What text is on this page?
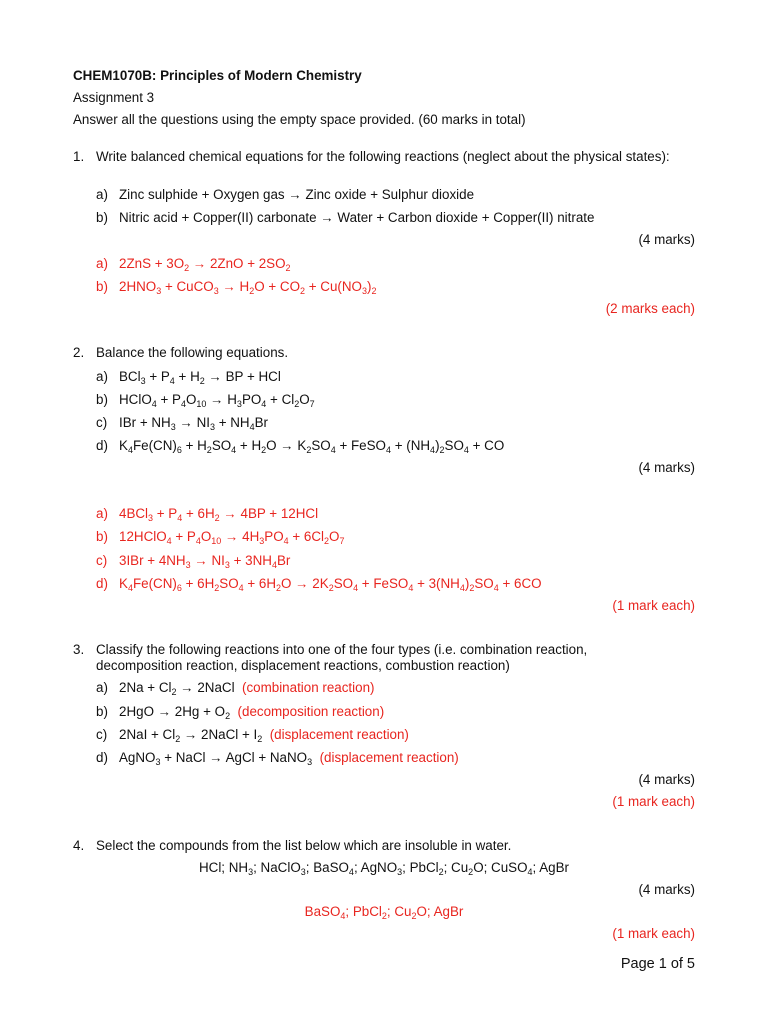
CHEM1070B: Principles of Modern Chemistry
Assignment 3
Answer all the questions using the empty space provided. (60 marks in total)
1. Write balanced chemical equations for the following reactions (neglect about the physical states):
a) Zinc sulphide + Oxygen gas → Zinc oxide + Sulphur dioxide
b) Nitric acid + Copper(II) carbonate → Water + Carbon dioxide + Copper(II) nitrate
(4 marks)
a) $2ZnS + 3O_2 \to 2ZnO + 2SO_2$
b) $2HNO_3$ + CuCO$_3$ → $H_2O + CO_2 + Cu(NO_3)_2$
(2 marks each)
2. Balance the following equations.
a) $BCl_3 + P_4 + H_2$ → BP + HCl
b) HClO$_4$ + $P_4O_{10} \to H_3PO_4 + Cl_2O_7$
c) IBr + $NH_3 \to NI_3 + NH_4Br$
d) $K_4Fe(CN)_6 + H_2SO_4 + H_2O \to K_2SO_4$ + FeSO$_4$ + $(NH_4)_2SO_4$ + CO
(4 marks)
a) $4BCl_3 + P_4 + 6H_2 \to 4BP + 12HCl$
b) 12HClO$_4$ + $P_4O_{10} \to 4H_3PO_4 + 6Cl_2O_7$
c) $3IBr + 4NH_3 \to NI_3 + 3NH_4Br$
d) $K_4Fe(CN)_6 + 6H_2SO_4 + 6H_2O \to 2K_2SO_4$ + FeSO$_4$ + $3(NH_4)_2SO_4 + 6CO$
(1 mark each)
3. Classify the following reactions into one of the four types (i.e. combination reaction, decomposition reaction, displacement reactions, combustion reaction)
a) $2Na + Cl_2$ → 2NaCl (combination reaction)
b) $2HgO \to 2Hg + O_2$ (decomposition reaction)
c) $2NaI + Cl_2$ → 2NaCl + $I_2$ (displacement reaction)
d) AgNO$_3$ + NaCl → AgCl + NaNO$_3$ (displacement reaction)
(4 marks)
(1 mark each)
4. Select the compounds from the list below which are insoluble in water.
HCl; $NH_3$; NaClO$_3$; BaSO$_4$; AgNO$_3$; PbCl$_2$; $Cu_2O$; CuSO$_4$; AgBr
(4 marks)
BaSO$_4$; PbCl$_2$; $Cu_2O$; AgBr
(1 mark each)
Page 1 of 5
